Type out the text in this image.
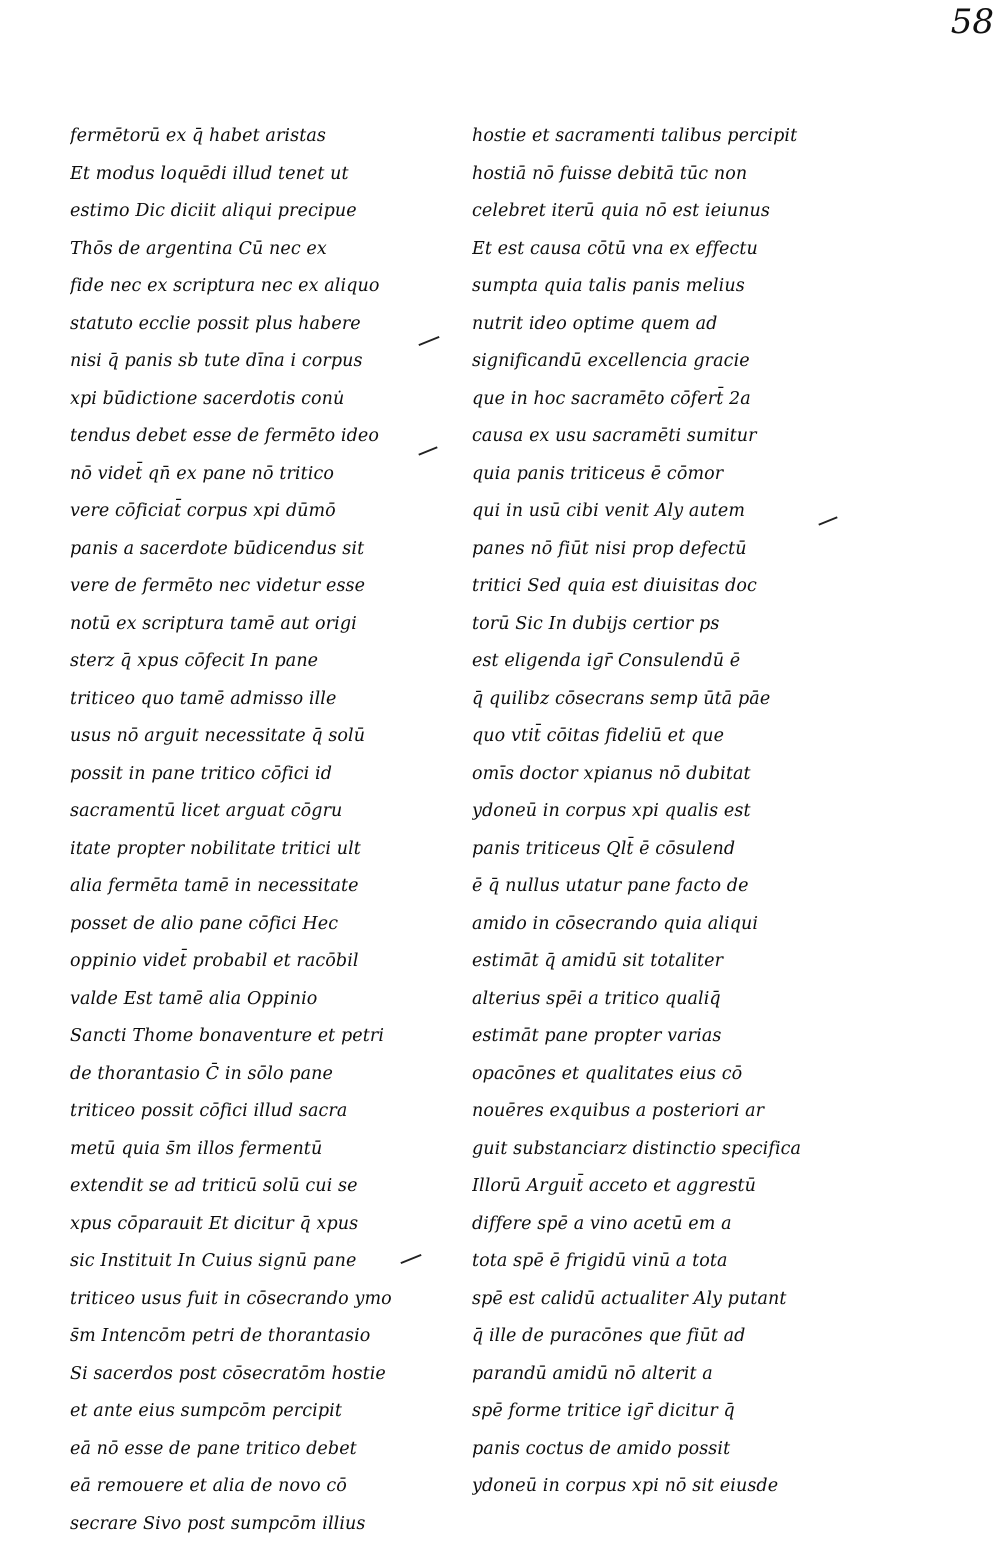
58
fermētorū ex q̄ habet aristas
Et modus loquēdi illud tenet ut
estimo Dic diciit aliqui precipue
Thōs de argentina Cū nec ex
fide nec ex scriptura nec ex aliquo
statuto ecclie possit plus habere
nisi q̄ panis sb tute dīna i corpus
xpi būdictione sacerdotis conu̇
tendus debet esse de fermēto ideo
nō videt̄ qn̄ ex pane nō tritico
vere cōficiat̄ corpus xpi dūmō
panis a sacerdote būdicendus sit
vere de fermēto nec videtur esse
notū ex scriptura tamē aut origi
sterz q̄ xpus cōfecit In pane
triticeo quo tamē admisso ille
usus nō arguit necessitate q̄ solū
possit in pane tritico cōfici id
sacramentū licet arguat cōgru
itate propter nobilitate tritici ult
alia fermēta tamē in necessitate
posset de alio pane cōfici Hec
oppinio videt̄ probabil et racōbil
valde Est tamē alia Oppinio
Sancti Thome bonaventure et petri
de thorantasio C̄ in sōlo pane
triticeo possit cōfici illud sacra
metū quia s̄m illos fermentū
extendit se ad triticū solū cui se
xpus cōparauit Et dicitur q̄ xpus
sic Instituit In Cuius signū pane
triticeo usus fuit in cōsecrando ymo
s̄m Intencōm petri de thorantasio
Si sacerdos post cōsecratōm hostie
et ante eius sumpcōm percipit
eā nō esse de pane tritico debet
eā remouere et alia de novo cō
secrare Sivo post sumpcōm illius
hostie et sacramenti talibus percipit
hostiā nō fuisse debitā tūc non
celebret iterū quia nō est ieiunus
Et est causa cōtū vna ex effectu
sumpta quia talis panis melius
nutrit ideo optime quem ad
significandū excellencia gracie
que in hoc sacramēto cōfert̄ 2a
causa ex usu sacramēti sumitur
quia panis triticeus ē cōmor
qui in usū cibi venit Aly autem
panes nō fiūt nisi prop defectū
tritici Sed quia est diuisitas doc
torū Sic In dubijs certior ps
est eligenda igr̄ Consulendū ē
q̄ quilibz cōsecrans semp ūtā pāe
quo vtit̄ cōitas fideliū et que
omīs doctor xpianus nō dubitat
ydoneū in corpus xpi qualis est
panis triticeus Qlt̄ ē cōsulend
ē q̄ nullus utatur pane facto de
amido in cōsecrando quia aliqui
estimāt q̄ amidū sit totaliter
alterius spēi a tritico qualiq̄
estimāt pane propter varias
opacōnes et qualitates eius cō
nouēres exquibus a posteriori ar
guit substanciarz distinctio specifica
Illorū Arguit̄ acceto et aggrestū
differe spē a vino acetū em a
tota spē ē frigidū vinū a tota
spē est calidū actualiter Aly putant
q̄ ille de puracōnes que fiūt ad
parandū amidū nō alterit a
spē forme tritice igr̄ dicitur q̄
panis coctus de amido possit
ydoneū in corpus xpi nō sit eiusde
